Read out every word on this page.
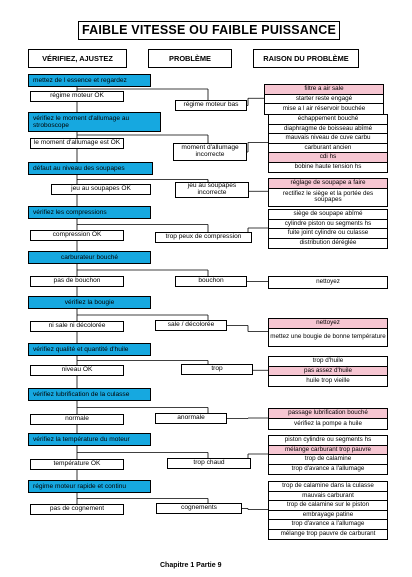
FAIBLE VITESSE OU FAIBLE PUISSANCE
VÉRIFIEZ, AJUSTEZ	PROBLÈME	RAISON DU PROBLÈME
mettez de l essence et regardez
régime moteur OK
régime moteur bas
filtre a air sale
starter reste engagé
mise a l air réservoir bouchée
vérifiez le moment d'allumage au stroboscope
le moment d'allumage est OK
moment d'allumage incorrecte
échappement bouché
diaphragme de boisseau abîmé
mauvais niveau de cuve carbu
carburant ancien
cdi hs
bobine haute tension hs
défaut au niveau des soupapes
jeu au soupapes OK	jeu au soupapes incorrecte
réglage de soupape a faire
rectifiez le siège et la portée des soupapes
vérifiez les compressions
compression OK	trop peux de compression
siège de soupape abîmé
cylindre piston ou segments hs
fuite joint cylindre ou culasse
distribution déréglée
carburateur bouché
pas de bouchon	bouchon	nettoyez
vérifiez la bougie
ni sale ni décolorée	sale / décolorée	nettoyez
mettez une bougie de bonne température
vérifiez qualité et quantité d'huile
niveau OK	trop
trop d'huile
pas assez d'huile
huile trop vieille
vérifiez lubrification de la culasse
normale	anormale
passage lubrification bouché
vérifiez la pompe a huile
vérifiez la température du moteur
température OK	trop chaud
piston cylindre ou segments hs
mélange carburant trop pauvre
trop de calamine
trop d'avance a l'allumage
régime moteur rapide et continu
pas de cognement	cognements
trop de calamine dans la culasse
mauvais carburant
trop de calamine sur le piston
embrayage patine
trop d'avance a l'allumage
mélange trop pauvre de carburant
Chapitre 1 Partie 9
